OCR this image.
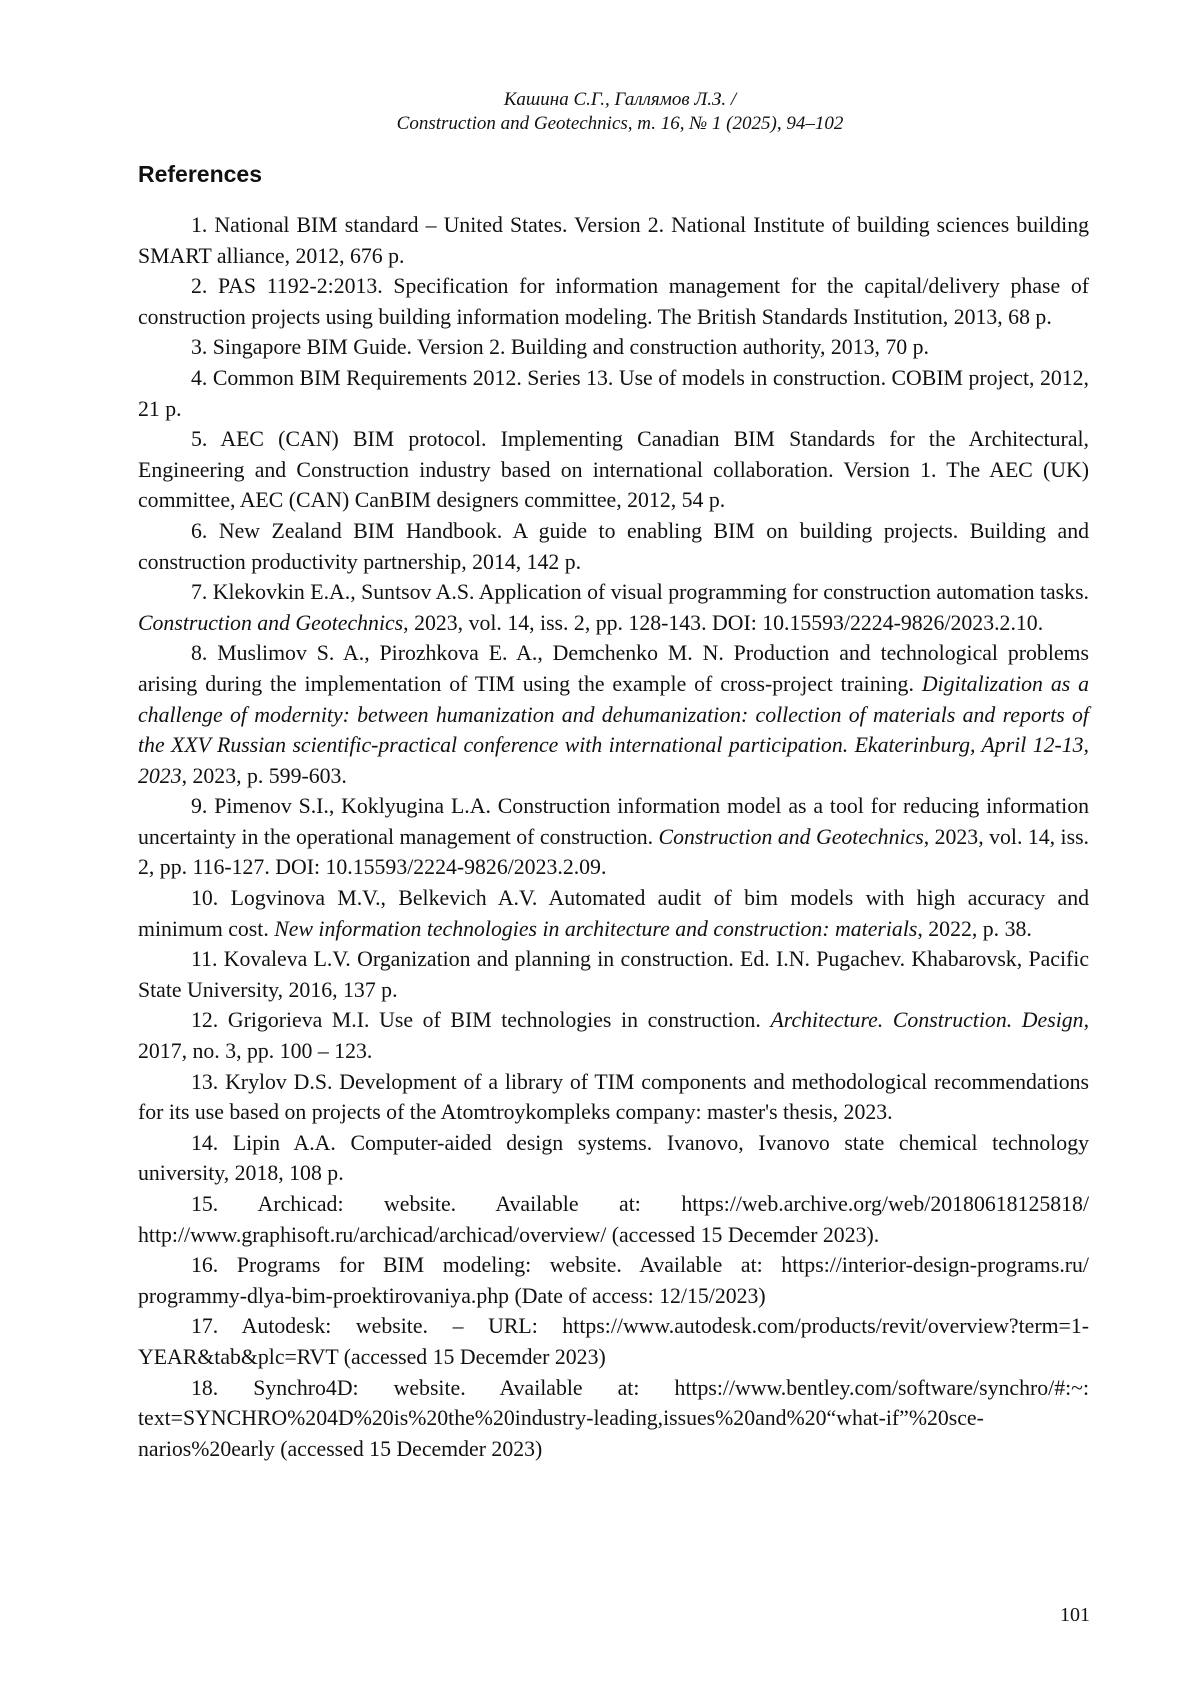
Кашина С.Г., Галлямов Л.З. /
Construction and Geotechnics, т. 16, № 1 (2025), 94–102
References

1. National BIM standard – United States. Version 2. National Institute of building sciences building SMART alliance, 2012, 676 p.

2. PAS 1192-2:2013. Specification for information management for the capital/delivery phase of construction projects using building information modeling. The British Standards Institution, 2013, 68 p.

3. Singapore BIM Guide. Version 2. Building and construction authority, 2013, 70 p.

4. Common BIM Requirements 2012. Series 13. Use of models in construction. COBIM project, 2012, 21 p.

5. AEC (CAN) BIM protocol. Implementing Canadian BIM Standards for the Architectural, Engineering and Construction industry based on international collaboration. Version 1. The AEC (UK) committee, AEC (CAN) CanBIM designers committee, 2012, 54 p.

6. New Zealand BIM Handbook. A guide to enabling BIM on building projects. Building and construction productivity partnership, 2014, 142 p.

7. Klekovkin E.A., Suntsov A.S. Application of visual programming for construction automation tasks. Construction and Geotechnics, 2023, vol. 14, iss. 2, pp. 128-143. DOI: 10.15593/2224-9826/2023.2.10.

8. Muslimov S. A., Pirozhkova E. A., Demchenko M. N. Production and technological problems arising during the implementation of TIM using the example of cross-project training. Digitalization as a challenge of modernity: between humanization and dehumanization: collection of materials and reports of the XXV Russian scientific-practical conference with international participation. Ekaterinburg, April 12-13, 2023, 2023, p. 599-603.

9. Pimenov S.I., Koklyugina L.A. Construction information model as a tool for reducing information uncertainty in the operational management of construction. Construction and Geotechnics, 2023, vol. 14, iss. 2, pp. 116-127. DOI: 10.15593/2224-9826/2023.2.09.

10. Logvinova M.V., Belkevich A.V. Automated audit of bim models with high accuracy and minimum cost. New information technologies in architecture and construction: materials, 2022, p. 38.

11. Kovaleva L.V. Organization and planning in construction. Ed. I.N. Pugachev. Khabarovsk, Pacific State University, 2016, 137 p.

12. Grigorieva M.I. Use of BIM technologies in construction. Architecture. Construction. Design, 2017, no. 3, pp. 100 – 123.

13. Krylov D.S. Development of a library of TIM components and methodological recommendations for its use based on projects of the Atomtroykompleks company: master's thesis, 2023.

14. Lipin A.A. Computer-aided design systems. Ivanovo, Ivanovo state chemical technology university, 2018, 108 p.

15. Archicad: website. Available at: https://web.archive.org/web/20180618125818/​http://www.graphisoft.ru/archicad/archicad/overview/ (accessed 15 Decemder 2023).

16. Programs for BIM modeling: website. Available at: https://interior-design-programs.ru/​programmy-dlya-bim-proektirovaniya.php (Date of access: 12/15/2023)

17. Autodesk: website. – URL: https://www.autodesk.com/products/revit/overview?term=1-​YEAR&tab&plc=RVT (accessed 15 Decemder 2023)

18. Synchro4D: website. Available at: https://www.bentley.com/software/synchro/#:~:​text=SYNCHRO%204D%20is%20the%20industry-leading,issues%20and%20“what-if”%20scenarios%20early (accessed 15 Decemder 2023)

101
